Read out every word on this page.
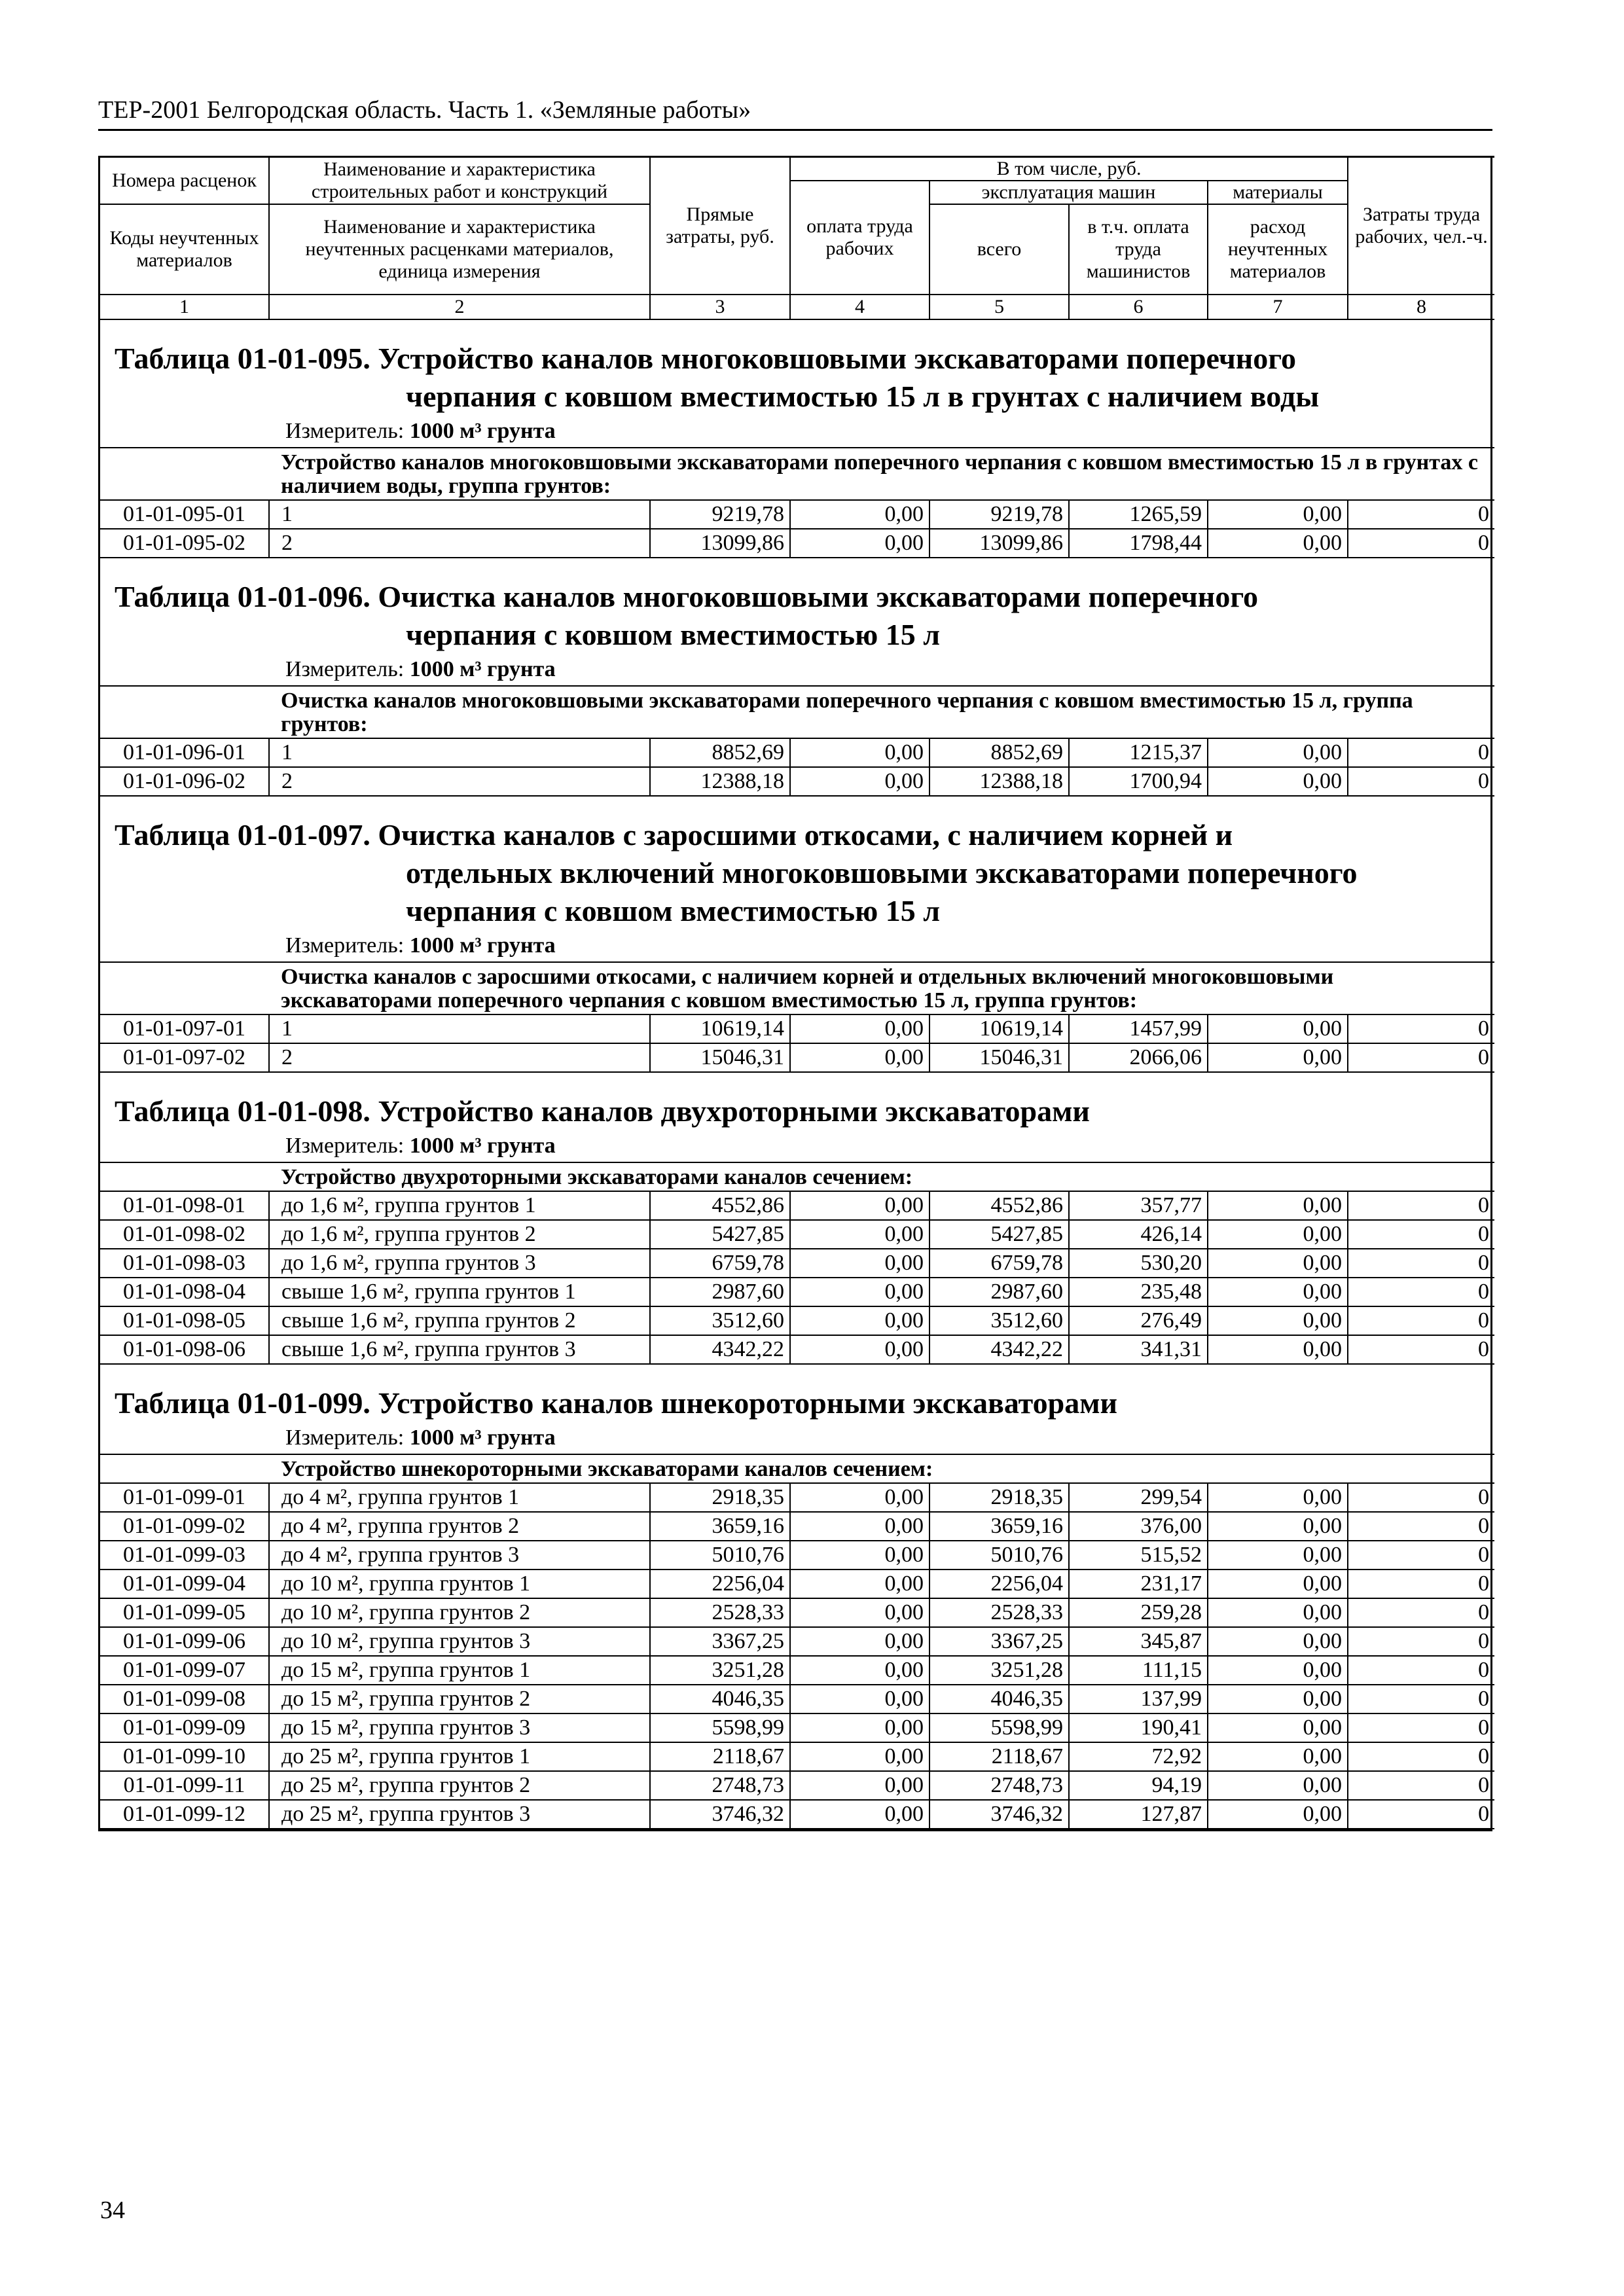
ТЕР-2001 Белгородская область. Часть 1. «Земляные работы»
Номера расценок	Наименование и характеристика строительных работ и конструкций	Прямые затраты, руб.	В том числе, руб.				Затраты труда рабочих, чел.-ч.
			оплата труда рабочих	эксплуатация машин		материалы	
Коды неучтенных материалов	Наименование и характеристика неучтенных расценками материалов, единица измерения			всего	в т.ч. оплата труда машинистов	расход неучтенных материалов	

1	2	3	4	5	6	7	8
Таблица 01-01-095. Устройство каналов многоковшовыми экскаваторами поперечного
черпания с ковшом вместимостью 15 л в грунтах с наличием воды
Измеритель: 1000 м³ грунта
	Устройство каналов многоковшовыми экскаваторами поперечного черпания с ковшом вместимостью 15 л в грунтах с наличием воды, группа грунтов:						
01-01-095-01	1	9219,78	0,00	9219,78	1265,59	0,00	0
01-01-095-02	2	13099,86	0,00	13099,86	1798,44	0,00	0
Таблица 01-01-096. Очистка каналов многоковшовыми экскаваторами поперечного
черпания с ковшом вместимостью 15 л
Измеритель: 1000 м³ грунта
	Очистка каналов многоковшовыми экскаваторами поперечного черпания с ковшом вместимостью 15 л, группа грунтов:						
01-01-096-01	1	8852,69	0,00	8852,69	1215,37	0,00	0
01-01-096-02	2	12388,18	0,00	12388,18	1700,94	0,00	0
Таблица 01-01-097. Очистка каналов с заросшими откосами, с наличием корней и
отдельных включений многоковшовыми экскаваторами поперечного черпания с ковшом вместимостью 15 л
Измеритель: 1000 м³ грунта
	Очистка каналов с заросшими откосами, с наличием корней и отдельных включений многоковшовыми экскаваторами поперечного черпания с ковшом вместимостью 15 л, группа грунтов:						
01-01-097-01	1	10619,14	0,00	10619,14	1457,99	0,00	0
01-01-097-02	2	15046,31	0,00	15046,31	2066,06	0,00	0
Таблица 01-01-098. Устройство каналов двухроторными экскаваторами
Измеритель: 1000 м³ грунта
	Устройство двухроторными экскаваторами каналов сечением:						
01-01-098-01	до 1,6 м², группа грунтов 1	4552,86	0,00	4552,86	357,77	0,00	0
01-01-098-02	до 1,6 м², группа грунтов 2	5427,85	0,00	5427,85	426,14	0,00	0
01-01-098-03	до 1,6 м², группа грунтов 3	6759,78	0,00	6759,78	530,20	0,00	0
01-01-098-04	свыше 1,6 м², группа грунтов 1	2987,60	0,00	2987,60	235,48	0,00	0
01-01-098-05	свыше 1,6 м², группа грунтов 2	3512,60	0,00	3512,60	276,49	0,00	0
01-01-098-06	свыше 1,6 м², группа грунтов 3	4342,22	0,00	4342,22	341,31	0,00	0
Таблица 01-01-099. Устройство каналов шнекороторными экскаваторами
Измеритель: 1000 м³ грунта
	Устройство шнекороторными экскаваторами каналов сечением:						
01-01-099-01	до 4 м², группа грунтов 1	2918,35	0,00	2918,35	299,54	0,00	0
01-01-099-02	до 4 м², группа грунтов 2	3659,16	0,00	3659,16	376,00	0,00	0
01-01-099-03	до 4 м², группа грунтов 3	5010,76	0,00	5010,76	515,52	0,00	0
01-01-099-04	до 10 м², группа грунтов 1	2256,04	0,00	2256,04	231,17	0,00	0
01-01-099-05	до 10 м², группа грунтов 2	2528,33	0,00	2528,33	259,28	0,00	0
01-01-099-06	до 10 м², группа грунтов 3	3367,25	0,00	3367,25	345,87	0,00	0
01-01-099-07	до 15 м², группа грунтов 1	3251,28	0,00	3251,28	111,15	0,00	0
01-01-099-08	до 15 м², группа грунтов 2	4046,35	0,00	4046,35	137,99	0,00	0
01-01-099-09	до 15 м², группа грунтов 3	5598,99	0,00	5598,99	190,41	0,00	0
01-01-099-10	до 25 м², группа грунтов 1	2118,67	0,00	2118,67	72,92	0,00	0
01-01-099-11	до 25 м², группа грунтов 2	2748,73	0,00	2748,73	94,19	0,00	0
01-01-099-12	до 25 м², группа грунтов 3	3746,32	0,00	3746,32	127,87	0,00	0
34
